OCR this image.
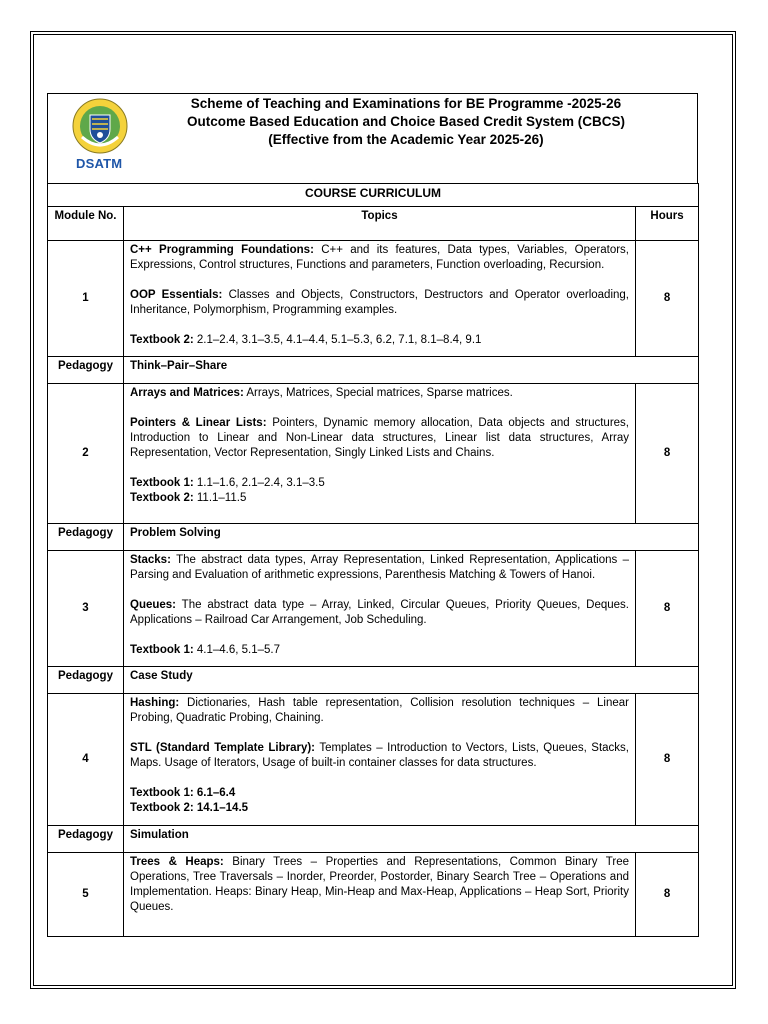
DSATM
Scheme of Teaching and Examinations for BE Programme -2025-26
Outcome Based Education and Choice Based Credit System (CBCS)
(Effective from the Academic Year 2025-26)
COURSE CURRICULUM		
Module No.	Topics	Hours
1	C++ Programming Foundations: C++ and its features, Data types, Variables, Operators, Expressions, Control structures, Functions and parameters, Function overloading, Recursion.

OOP Essentials: Classes and Objects, Constructors, Destructors and Operator overloading, Inheritance, Polymorphism, Programming examples.

Textbook 2: 2.1–2.4, 3.1–3.5, 4.1–4.4, 5.1–5.3, 6.2, 7.1, 8.1–8.4, 9.1	8
Pedagogy	Think–Pair–Share	
2	Arrays and Matrices: Arrays, Matrices, Special matrices, Sparse matrices.

Pointers & Linear Lists: Pointers, Dynamic memory allocation, Data objects and structures, Introduction to Linear and Non-Linear data structures, Linear list data structures, Array Representation, Vector Representation, Singly Linked Lists and Chains.

Textbook 1: 1.1–1.6, 2.1–2.4, 3.1–3.5
Textbook 2: 11.1–11.5	8
Pedagogy	Problem Solving	
3	Stacks: The abstract data types, Array Representation, Linked Representation, Applications – Parsing and Evaluation of arithmetic expressions, Parenthesis Matching & Towers of Hanoi.

Queues: The abstract data type – Array, Linked, Circular Queues, Priority Queues, Deques. Applications – Railroad Car Arrangement, Job Scheduling.

Textbook 1: 4.1–4.6, 5.1–5.7	8
Pedagogy	Case Study	
4	Hashing: Dictionaries, Hash table representation, Collision resolution techniques – Linear Probing, Quadratic Probing, Chaining.

STL (Standard Template Library): Templates – Introduction to Vectors, Lists, Queues, Stacks, Maps. Usage of Iterators, Usage of built-in container classes for data structures.

Textbook 1: 6.1–6.4
Textbook 2: 14.1–14.5	8
Pedagogy	Simulation	
5	Trees & Heaps: Binary Trees – Properties and Representations, Common Binary Tree Operations, Tree Traversals – Inorder, Preorder, Postorder, Binary Search Tree – Operations and Implementation. Heaps: Binary Heap, Min-Heap and Max-Heap, Applications – Heap Sort, Priority Queues.	8
